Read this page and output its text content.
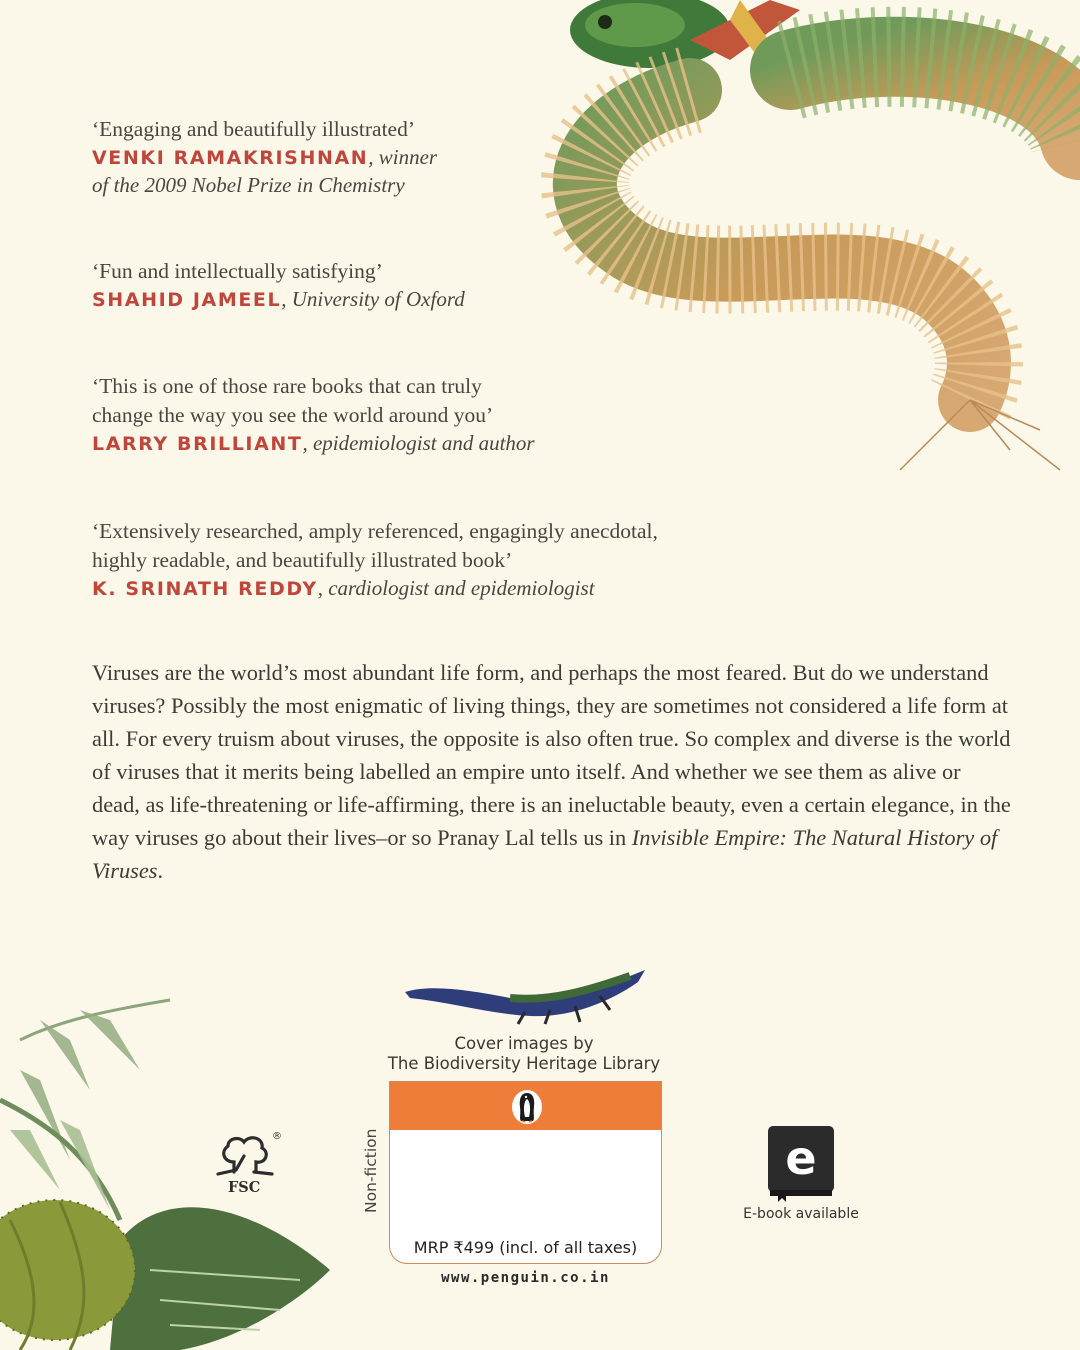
‘Engaging and beautifully illustrated’
VENKI RAMAKRISHNAN, winner
of the 2009 Nobel Prize in Chemistry
‘Fun and intellectually satisfying’
SHAHID JAMEEL, University of Oxford
‘This is one of those rare books that can truly
change the way you see the world around you’
LARRY BRILLIANT, epidemiologist and author
‘Extensively researched, amply referenced, engagingly anecdotal,
highly readable, and beautifully illustrated book’
K. SRINATH REDDY, cardiologist and epidemiologist

Viruses are the world’s most abundant life form, and perhaps the most feared. But do we understand viruses? Possibly the most enigmatic of living things, they are sometimes not considered a life form at all. For every truism about viruses, the opposite is also often true. So complex and diverse is the world of viruses that it merits being labelled an empire unto itself. And whether we see them as alive or dead, as life-threatening or life-affirming, there is an ineluctable beauty, even a certain elegance, in the way viruses go about their lives–or so Pranay Lal tells us in Invisible Empire: The Natural History of Viruses.

Cover images by
The Biodiversity Heritage Library
®
FSC	Non-fiction
MRP ₹499 (incl. of all taxes)
www.penguin.co.in
e
E-book available
